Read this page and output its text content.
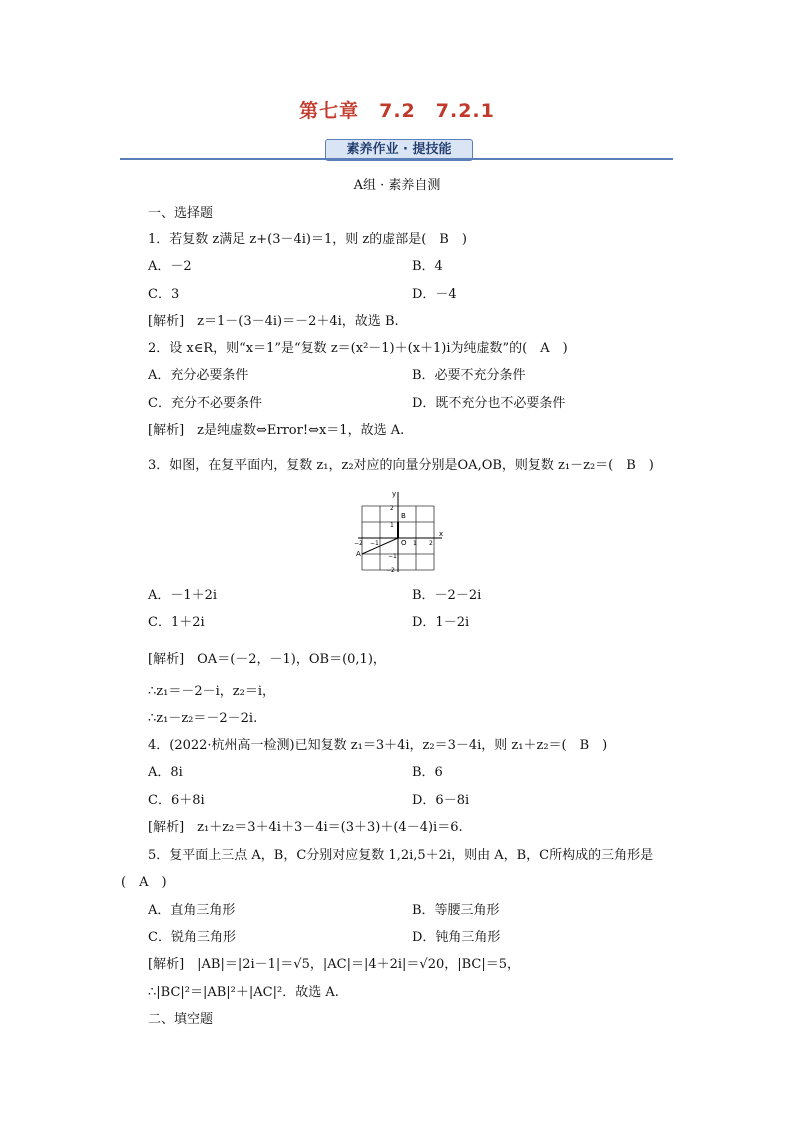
第七章　7.2　7.2.1
素养作业 · 提技能
A组 · 素养自测
一、选择题
1．若复数 z满足 z+(3－4i)＝1，则 z的虚部是(　B　)
A．－2	B．4
C．3	D．－4
[解析]　z＝1－(3－4i)＝－2＋4i，故选 B.
2．设 x∈R，则“x＝1”是“复数 z＝(x²－1)＋(x＋1)i为纯虚数”的(　A　)
A．充分必要条件	B．必要不充分条件
C．充分不必要条件	D．既不充分也不必要条件
[解析]　z是纯虚数⇔Error!⇔x＝1，故选 A.
3．如图，在复平面内，复数 z₁，z₂对应的向量分别是OA,OB，则复数 z₁－z₂＝(　B　)
y
x
O
A
B
−2 −1	1 2
2
1
−1
−2
A．－1＋2i	B．－2－2i
C．1＋2i	D．1－2i
[解析]　OA＝(－2，－1)，OB＝(0,1)，
∴z₁＝－2－i，z₂＝i，
∴z₁－z₂＝－2－2i.
4．(2022·杭州高一检测)已知复数 z₁＝3＋4i，z₂＝3－4i，则 z₁＋z₂＝(　B　)
A．8i	B．6
C．6＋8i	D．6－8i
[解析]　z₁＋z₂＝3＋4i＋3－4i＝(3＋3)＋(4－4)i＝6.
5．复平面上三点 A，B，C分别对应复数 1,2i,5＋2i，则由 A，B，C所构成的三角形是
(　A　)
A．直角三角形	B．等腰三角形
C．锐角三角形	D．钝角三角形
[解析]　|AB|＝|2i－1|＝√5，|AC|＝|4＋2i|＝√20，|BC|＝5，
∴|BC|²＝|AB|²＋|AC|²．故选 A.
二、填空题
